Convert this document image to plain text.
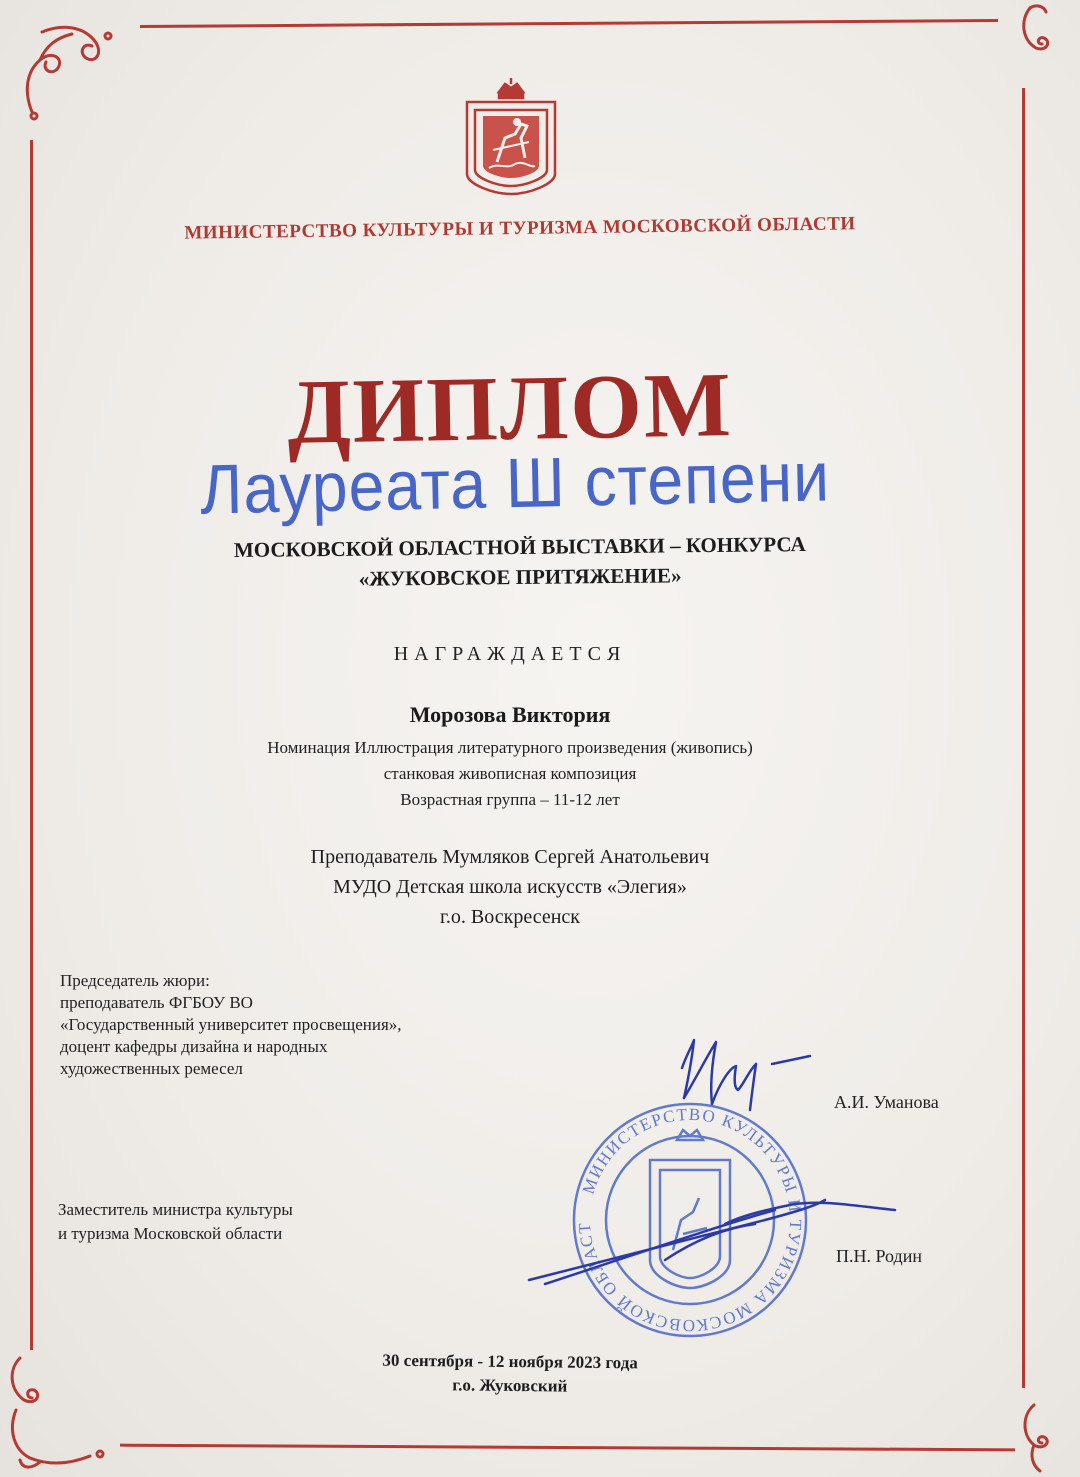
МИНИСТЕРСТВО КУЛЬТУРЫ И ТУРИЗМА МОСКОВСКОЙ ОБЛАСТИ
ДИПЛОМ
Лауреата Ш степени
МОСКОВСКОЙ ОБЛАСТНОЙ ВЫСТАВКИ – КОНКУРСА
«ЖУКОВСКОЕ ПРИТЯЖЕНИЕ»
НАГРАЖДАЕТСЯ
Морозова Виктория
Номинация Иллюстрация литературного произведения (живопись)
станковая живописная композиция
Возрастная группа – 11-12 лет
Преподаватель Мумляков Сергей Анатольевич
МУДО Детская школа искусств «Элегия»
г.о. Воскресенск
Председатель жюри:
преподаватель ФГБОУ ВО
«Государственный университет просвещения»,
доцент кафедры дизайна и народных
художественных ремесел
А.И. Уманова
Заместитель министра культуры
и туризма Московской области
МИНИСТЕРСТВО КУЛЬТУРЫ И ТУРИЗМА МОСКОВСКОЙ ОБЛАСТИ
П.Н. Родин
30 сентября - 12 ноября 2023 года
г.о. Жуковский
